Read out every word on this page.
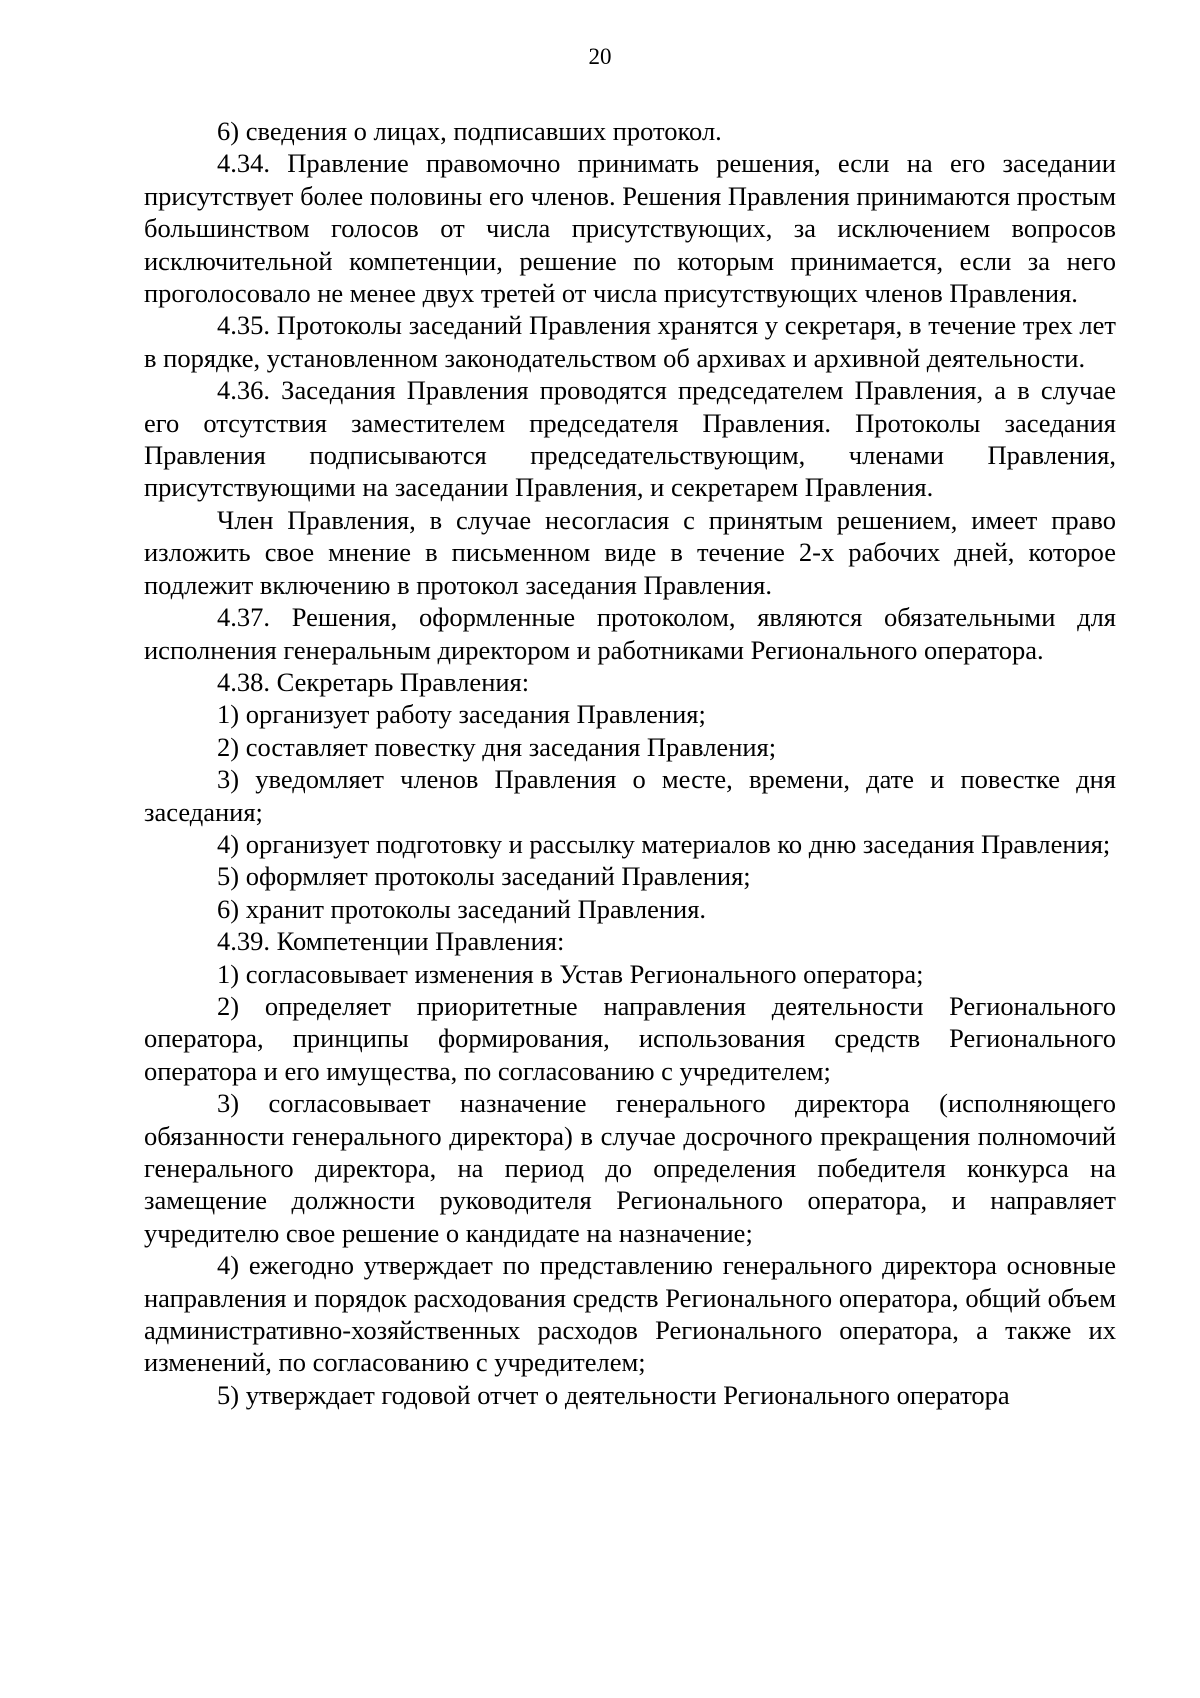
20

6) сведения о лицах, подписавших протокол.

4.34. Правление правомочно принимать решения, если на его заседании присутствует более половины его членов. Решения Правления принимаются простым большинством голосов от числа присутствующих, за исключением вопросов исключительной компетенции, решение по которым принимается, если за него проголосовало не менее двух третей от числа присутствующих членов Правления.

4.35. Протоколы заседаний Правления хранятся у секретаря, в течение трех лет в порядке, установленном законодательством об архивах и архивной деятельности.

4.36. Заседания Правления проводятся председателем Правления, а в случае его отсутствия заместителем председателя Правления. Протоколы заседания Правления подписываются председательствующим, членами Правления, присутствующими на заседании Правления, и секретарем Правления.

Член Правления, в случае несогласия с принятым решением, имеет право изложить свое мнение в письменном виде в течение 2-х рабочих дней, которое подлежит включению в протокол заседания Правления.

4.37. Решения, оформленные протоколом, являются обязательными для исполнения генеральным директором и работниками Регионального оператора.

4.38. Секретарь Правления:

1) организует работу заседания Правления;

2) составляет повестку дня заседания Правления;

3) уведомляет членов Правления о месте, времени, дате и повестке дня заседания;

4) организует подготовку и рассылку материалов ко дню заседания Правления;

5) оформляет протоколы заседаний Правления;

6) хранит протоколы заседаний Правления.

4.39. Компетенции Правления:

1) согласовывает изменения в Устав Регионального оператора;

2) определяет приоритетные направления деятельности Регионального оператора, принципы формирования, использования средств Регионального оператора и его имущества, по согласованию с учредителем;

3) согласовывает назначение генерального директора (исполняющего обязанности генерального директора) в случае досрочного прекращения полномочий генерального директора, на период до определения победителя конкурса на замещение должности руководителя Регионального оператора, и направляет учредителю свое решение о кандидате на назначение;

4) ежегодно утверждает по представлению генерального директора основные направления и порядок расходования средств Регионального оператора, общий объем административно-хозяйственных расходов Регионального оператора, а также их изменений, по согласованию с учредителем;

5) утверждает годовой отчет о деятельности Регионального оператора
